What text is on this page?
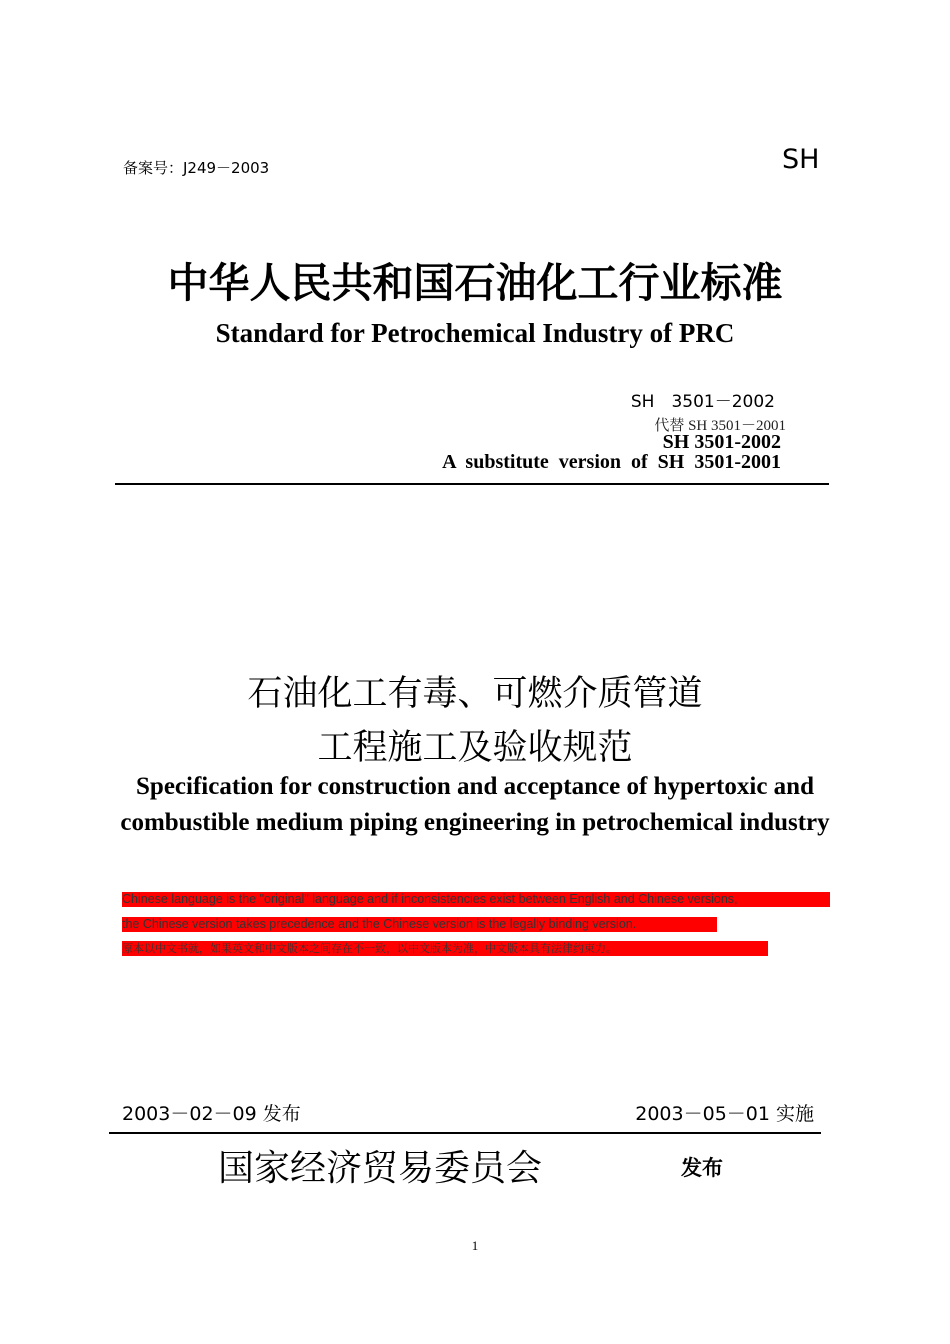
备案号：J249－2003	SH
中华人民共和国石油化工行业标准
Standard for Petrochemical Industry of PRC
SH　3501－2002
代替 SH 3501－2001
SH 3501-2002
A  substitute  version  of  SH  3501-2001
石油化工有毒、可燃介质管道
工程施工及验收规范
Specification for construction and acceptance of hypertoxic and
combustible medium piping engineering in petrochemical industry
Chinese language is the "original" language and if inconsistencies exist between English and Chinese versions,
the Chinese version takes precedence and the Chinese version is the legally binding version.
原本以中文书就，如果英文和中文版本之间存在不一致，以中文版本为准，中文版本具有法律约束力。
2003－02－09 发布	2003－05－01 实施
国家经济贸易委员会	发布
1
